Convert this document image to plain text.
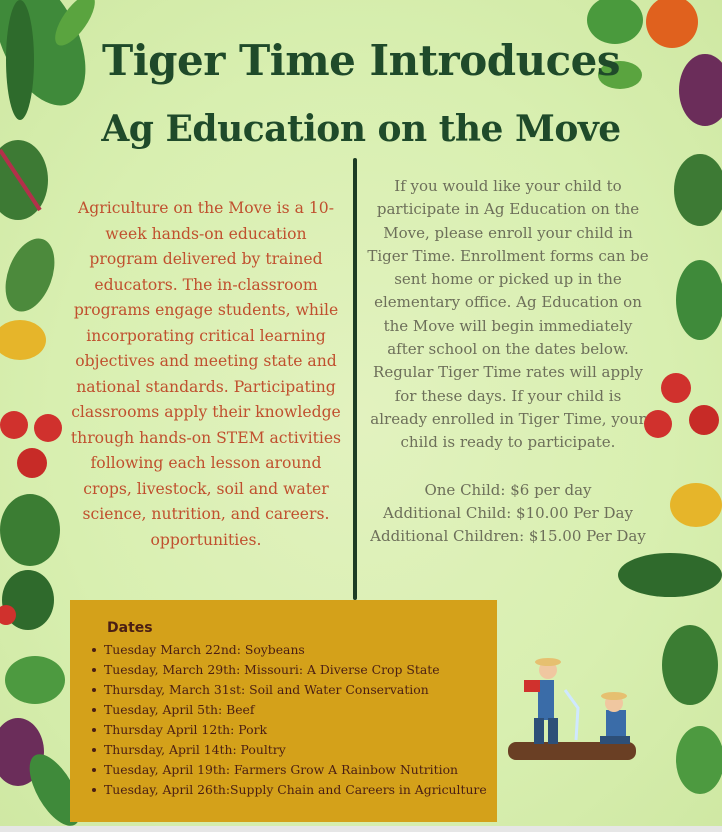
Tiger Time Introduces
Ag Education on the Move
Agriculture on the Move is a 10-week hands-on education program delivered by trained educators. The in-classroom programs engage students, while incorporating critical learning objectives and meeting state and national standards. Participating classrooms apply their knowledge through hands-on STEM activities following each lesson around crops, livestock, soil and water science, nutrition, and careers. opportunities.
If you would like your child to participate in Ag Education on the Move, please enroll your child in Tiger Time. Enrollment forms can be sent home or picked up in the elementary office. Ag Education on the Move will begin immediately after school on the dates below. Regular Tiger Time rates will apply for these days. If your child is already enrolled in Tiger Time, your child is ready to participate.
One Child: $6 per day
Additional Child: $10.00 Per Day
Additional Children: $15.00 Per Day
Dates
Tuesday March 22nd: Soybeans
Tuesday, March 29th: Missouri: A Diverse Crop State
Thursday, March 31st: Soil and Water Conservation
Tuesday, April 5th: Beef
Thursday April 12th: Pork
Thursday, April 14th: Poultry
Tuesday, April 19th: Farmers Grow A Rainbow Nutrition
Tuesday, April 26th:Supply Chain and Careers in Agriculture
